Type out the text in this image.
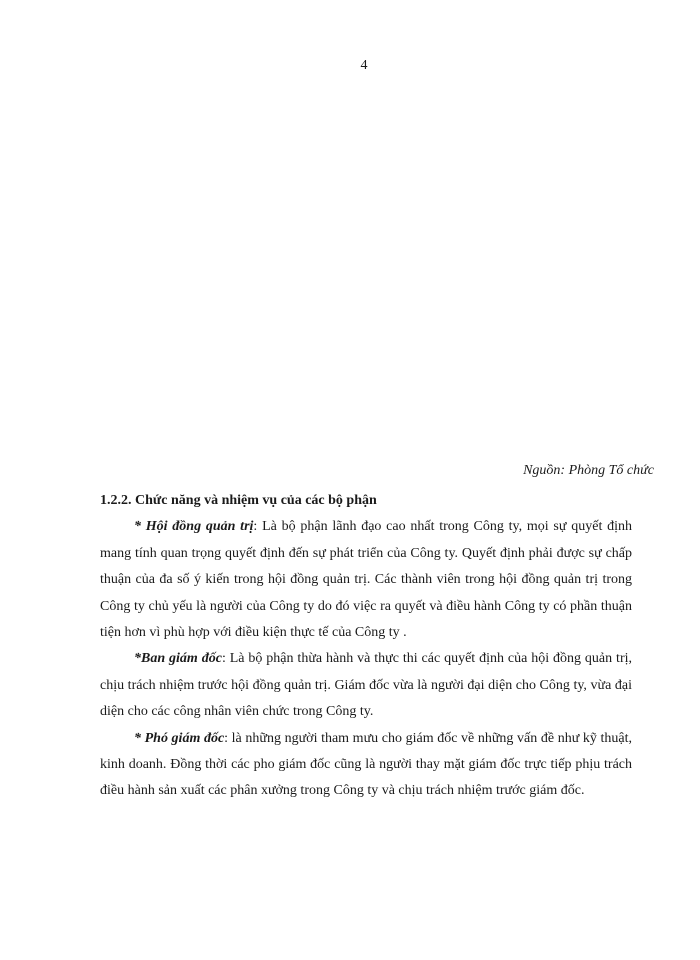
4
Nguồn: Phòng Tổ chức

1.2.2. Chức năng và nhiệm vụ của các bộ phận

* Hội đồng quản trị: Là bộ phận lãnh đạo cao nhất trong Công ty, mọi sự quyết định mang tính quan trọng quyết định đến sự phát triển của Công ty. Quyết định phải được sự chấp thuận của đa số ý kiến trong hội đồng quản trị. Các thành viên trong hội đồng quản trị trong Công ty chủ yếu là người của Công ty do đó việc ra quyết và điều hành Công ty có phần thuận tiện hơn vì phù hợp với điều kiện thực tế của Công ty .

*Ban giám đốc: Là bộ phận thừa hành và thực thi các quyết định của hội đồng quản trị, chịu trách nhiệm trước hội đồng quản trị. Giám đốc vừa là người đại diện cho Công ty, vừa đại diện cho các công nhân viên chức trong Công ty.

* Phó giám đốc: là những người tham mưu cho giám đốc về những vấn đề như kỹ thuật, kinh doanh. Đồng thời các pho giám đốc cũng là người thay mặt giám đốc trực tiếp phịu trách điều hành sản xuất các phân xưởng trong Công ty và chịu trách nhiệm trước giám đốc.
